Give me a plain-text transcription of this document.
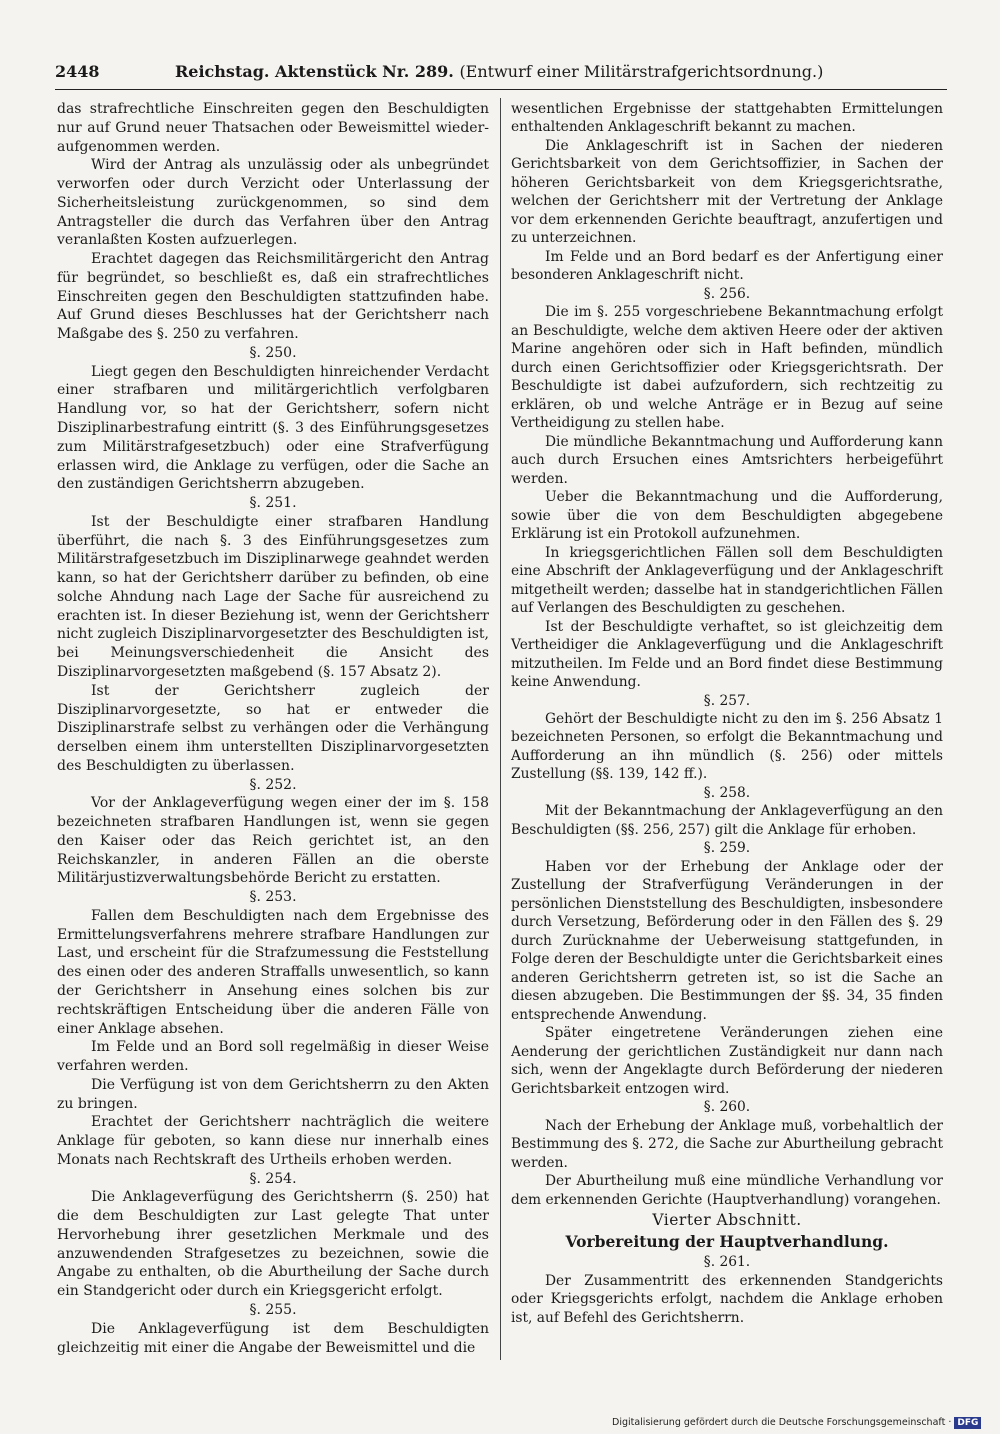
2448	Reichstag. Aktenstück Nr. 289. (Entwurf einer Militärstrafgerichtsordnung.)

das strafrechtliche Einschreiten gegen den Beschuldigten nur auf Grund neuer Thatsachen oder Beweismittel wieder-aufgenommen werden.

Wird der Antrag als unzulässig oder als unbegründet verworfen oder durch Verzicht oder Unterlassung der Sicherheitsleistung zurückgenommen, so sind dem Antragsteller die durch das Verfahren über den Antrag veranlaßten Kosten aufzuerlegen.

Erachtet dagegen das Reichsmilitärgericht den Antrag für begründet, so beschließt es, daß ein strafrechtliches Einschreiten gegen den Beschuldigten stattzufinden habe. Auf Grund dieses Beschlusses hat der Gerichtsherr nach Maßgabe des §. 250 zu verfahren.

§. 250.

Liegt gegen den Beschuldigten hinreichender Verdacht einer strafbaren und militärgerichtlich verfolgbaren Handlung vor, so hat der Gerichtsherr, sofern nicht Disziplinarbestrafung eintritt (§. 3 des Einführungsgesetzes zum Militärstrafgesetzbuch) oder eine Strafverfügung erlassen wird, die Anklage zu verfügen, oder die Sache an den zuständigen Gerichtsherrn abzugeben.

§. 251.

Ist der Beschuldigte einer strafbaren Handlung überführt, die nach §. 3 des Einführungsgesetzes zum Militärstrafgesetzbuch im Disziplinarwege geahndet werden kann, so hat der Gerichtsherr darüber zu befinden, ob eine solche Ahndung nach Lage der Sache für ausreichend zu erachten ist. In dieser Beziehung ist, wenn der Gerichtsherr nicht zugleich Disziplinarvorgesetzter des Beschuldigten ist, bei Meinungsverschiedenheit die Ansicht des Disziplinarvorgesetzten maßgebend (§. 157 Absatz 2).

Ist der Gerichtsherr zugleich der Disziplinarvorgesetzte, so hat er entweder die Disziplinarstrafe selbst zu verhängen oder die Verhängung derselben einem ihm unterstellten Disziplinarvorgesetzten des Beschuldigten zu überlassen.

§. 252.

Vor der Anklageverfügung wegen einer der im §. 158 bezeichneten strafbaren Handlungen ist, wenn sie gegen den Kaiser oder das Reich gerichtet ist, an den Reichskanzler, in anderen Fällen an die oberste Militärjustizverwaltungsbehörde Bericht zu erstatten.

§. 253.

Fallen dem Beschuldigten nach dem Ergebnisse des Ermittelungsverfahrens mehrere strafbare Handlungen zur Last, und erscheint für die Strafzumessung die Feststellung des einen oder des anderen Straffalls unwesentlich, so kann der Gerichtsherr in Ansehung eines solchen bis zur rechtskräftigen Entscheidung über die anderen Fälle von einer Anklage absehen.

Im Felde und an Bord soll regelmäßig in dieser Weise verfahren werden.

Die Verfügung ist von dem Gerichtsherrn zu den Akten zu bringen.

Erachtet der Gerichtsherr nachträglich die weitere Anklage für geboten, so kann diese nur innerhalb eines Monats nach Rechtskraft des Urtheils erhoben werden.

§. 254.

Die Anklageverfügung des Gerichtsherrn (§. 250) hat die dem Beschuldigten zur Last gelegte That unter Hervorhebung ihrer gesetzlichen Merkmale und des anzuwendenden Strafgesetzes zu bezeichnen, sowie die Angabe zu enthalten, ob die Aburtheilung der Sache durch ein Standgericht oder durch ein Kriegsgericht erfolgt.

§. 255.

Die Anklageverfügung ist dem Beschuldigten gleichzeitig mit einer die Angabe der Beweismittel und die

wesentlichen Ergebnisse der stattgehabten Ermittelungen enthaltenden Anklageschrift bekannt zu machen.

Die Anklageschrift ist in Sachen der niederen Gerichtsbarkeit von dem Gerichtsoffizier, in Sachen der höheren Gerichtsbarkeit von dem Kriegsgerichtsrathe, welchen der Gerichtsherr mit der Vertretung der Anklage vor dem erkennenden Gerichte beauftragt, anzufertigen und zu unterzeichnen.

Im Felde und an Bord bedarf es der Anfertigung einer besonderen Anklageschrift nicht.

§. 256.

Die im §. 255 vorgeschriebene Bekanntmachung erfolgt an Beschuldigte, welche dem aktiven Heere oder der aktiven Marine angehören oder sich in Haft befinden, mündlich durch einen Gerichtsoffizier oder Kriegsgerichtsrath. Der Beschuldigte ist dabei aufzufordern, sich rechtzeitig zu erklären, ob und welche Anträge er in Bezug auf seine Vertheidigung zu stellen habe.

Die mündliche Bekanntmachung und Aufforderung kann auch durch Ersuchen eines Amtsrichters herbeigeführt werden.

Ueber die Bekanntmachung und die Aufforderung, sowie über die von dem Beschuldigten abgegebene Erklärung ist ein Protokoll aufzunehmen.

In kriegsgerichtlichen Fällen soll dem Beschuldigten eine Abschrift der Anklageverfügung und der Anklageschrift mitgetheilt werden; dasselbe hat in standgerichtlichen Fällen auf Verlangen des Beschuldigten zu geschehen.

Ist der Beschuldigte verhaftet, so ist gleichzeitig dem Vertheidiger die Anklageverfügung und die Anklageschrift mitzutheilen. Im Felde und an Bord findet diese Bestimmung keine Anwendung.

§. 257.

Gehört der Beschuldigte nicht zu den im §. 256 Absatz 1 bezeichneten Personen, so erfolgt die Bekanntmachung und Aufforderung an ihn mündlich (§. 256) oder mittels Zustellung (§§. 139, 142 ff.).

§. 258.

Mit der Bekanntmachung der Anklageverfügung an den Beschuldigten (§§. 256, 257) gilt die Anklage für erhoben.

§. 259.

Haben vor der Erhebung der Anklage oder der Zustellung der Strafverfügung Veränderungen in der persönlichen Dienststellung des Beschuldigten, insbesondere durch Versetzung, Beförderung oder in den Fällen des §. 29 durch Zurücknahme der Ueberweisung stattgefunden, in Folge deren der Beschuldigte unter die Gerichtsbarkeit eines anderen Gerichtsherrn getreten ist, so ist die Sache an diesen abzugeben. Die Bestimmungen der §§. 34, 35 finden entsprechende Anwendung.

Später eingetretene Veränderungen ziehen eine Aenderung der gerichtlichen Zuständigkeit nur dann nach sich, wenn der Angeklagte durch Beförderung der niederen Gerichtsbarkeit entzogen wird.

§. 260.

Nach der Erhebung der Anklage muß, vorbehaltlich der Bestimmung des §. 272, die Sache zur Aburtheilung gebracht werden.

Der Aburtheilung muß eine mündliche Verhandlung vor dem erkennenden Gerichte (Hauptverhandlung) vorangehen.

Vierter Abschnitt.

Vorbereitung der Hauptverhandlung.

§. 261.

Der Zusammentritt des erkennenden Standgerichts oder Kriegsgerichts erfolgt, nachdem die Anklage erhoben ist, auf Befehl des Gerichtsherrn.

Digitalisierung gefördert durch die Deutsche Forschungsgemeinschaft · DFG
